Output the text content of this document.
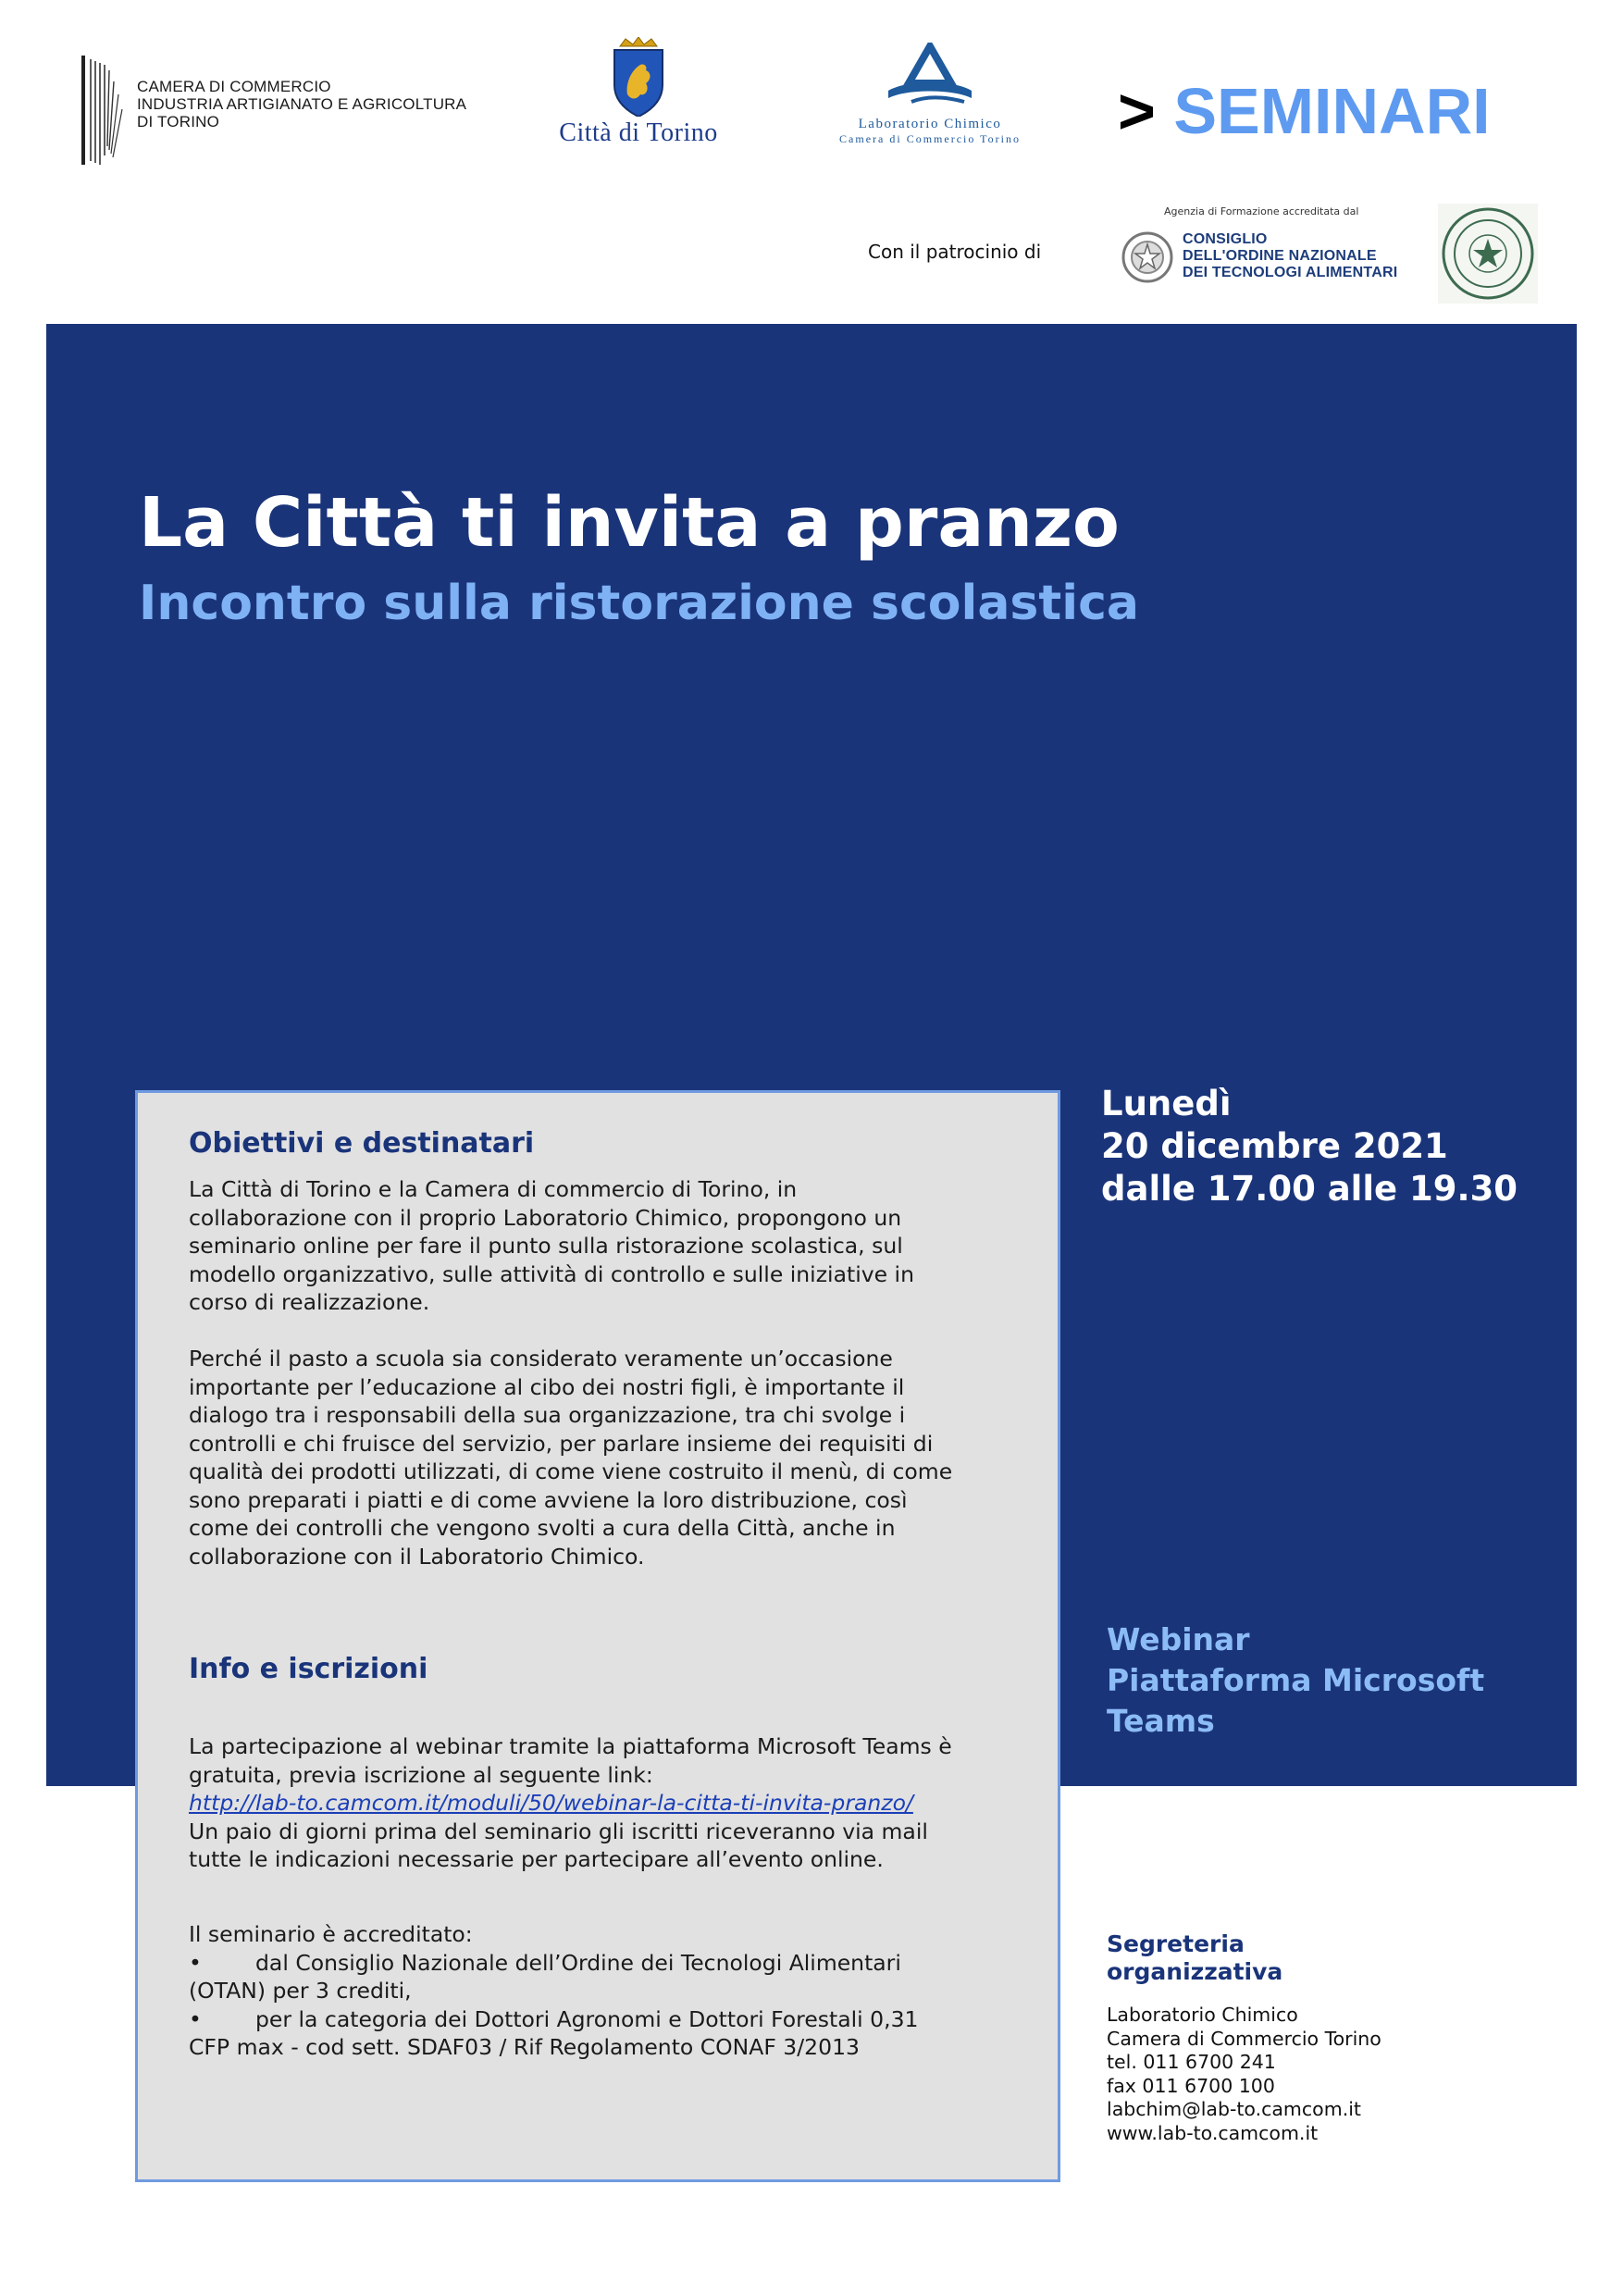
CAMERA DI COMMERCIO
INDUSTRIA ARTIGIANATO E AGRICOLTURA
DI TORINO	Città di Torino	Laboratorio Chimico
Camera di Commercio Torino	> SEMINARI
Con il patrocinio di
Agenzia di Formazione accreditata dal
CONSIGLIO
DELL'ORDINE NAZIONALE
DEI TECNOLOGI ALIMENTARI
La Città ti invita a pranzo
Incontro sulla ristorazione scolastica
Lunedì
20 dicembre 2021
dalle 17.00 alle 19.30
Webinar
Piattaforma Microsoft
Teams
Obiettivi e destinatari
La Città di Torino e la Camera di commercio di Torino, in
collaborazione con il proprio Laboratorio Chimico, propongono un
seminario online per fare il punto sulla ristorazione scolastica, sul
modello organizzativo, sulle attività di controllo e sulle iniziative in
corso di realizzazione.
Perché il pasto a scuola sia considerato veramente un’occasione
importante per l’educazione al cibo dei nostri figli, è importante il
dialogo tra i responsabili della sua organizzazione, tra chi svolge i
controlli e chi fruisce del servizio, per parlare insieme dei requisiti di
qualità dei prodotti utilizzati, di come viene costruito il menù, di come
sono preparati i piatti e di come avviene la loro distribuzione, così
come dei controlli che vengono svolti a cura della Città, anche in
collaborazione con il Laboratorio Chimico.
Info e iscrizioni
La partecipazione al webinar tramite la piattaforma Microsoft Teams è
gratuita, previa iscrizione al seguente link:
http://lab-to.camcom.it/moduli/50/webinar-la-citta-ti-invita-pranzo/
Un paio di giorni prima del seminario gli iscritti riceveranno via mail
tutte le indicazioni necessarie per partecipare all’evento online.
Il seminario è accreditato:
• dal Consiglio Nazionale dell’Ordine dei Tecnologi Alimentari
(OTAN) per 3 crediti,
• per la categoria dei Dottori Agronomi e Dottori Forestali 0,31
CFP max - cod sett. SDAF03 / Rif Regolamento CONAF 3/2013
Segreteria
organizzativa
Laboratorio Chimico
Camera di Commercio Torino
tel. 011 6700 241
fax 011 6700 100
labchim@lab-to.camcom.it
www.lab-to.camcom.it
